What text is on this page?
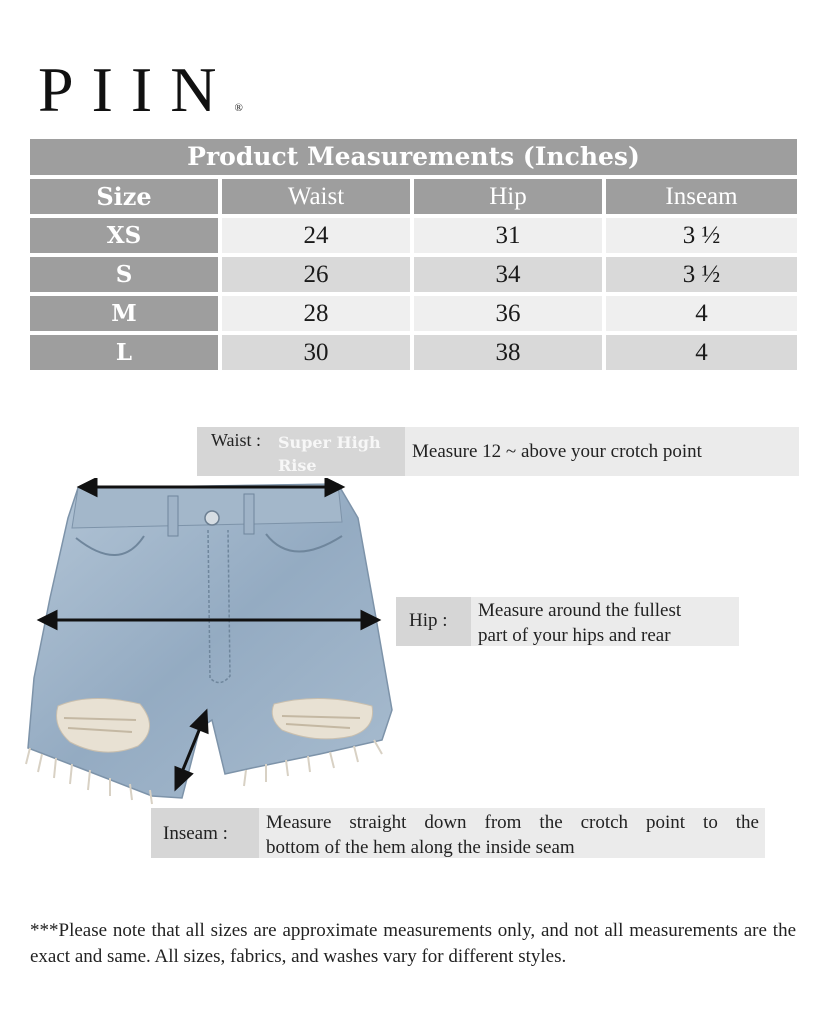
PIIN®
Product Measurements (Inches)
Size	Waist	Hip	Inseam
XS	24	31	3 ½
S	26	34	3 ½
M	28	36	4
L	30	38	4
Waist : Super High Rise
Measure 12 ~ above your crotch point
Hip : Measure around the fullest
part of your hips and rear
Inseam :
Measure straight down from the crotch point to the
bottom of the hem along the inside seam
***Please note that all sizes are approximate measurements only, and not all measurements are the exact and same. All sizes, fabrics, and washes vary for different styles.
